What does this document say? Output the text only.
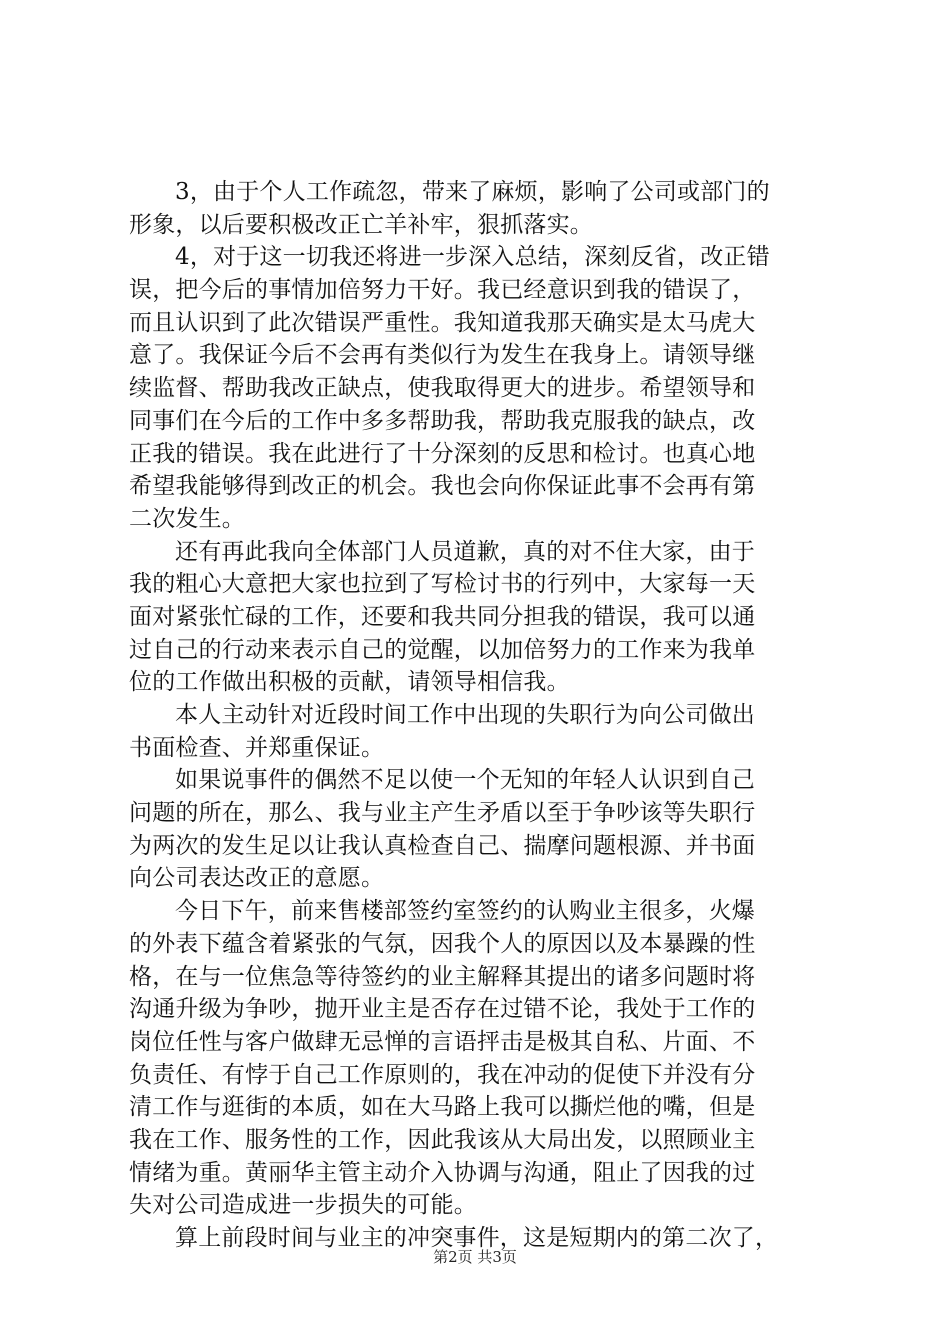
3，由于个人工作疏忽，带来了麻烦，影响了公司或部门的
形象，以后要积极改正亡羊补牢，狠抓落实。
4，对于这一切我还将进一步深入总结，深刻反省，改正错
误，把今后的事情加倍努力干好。我已经意识到我的错误了，
而且认识到了此次错误严重性。我知道我那天确实是太马虎大
意了。我保证今后不会再有类似行为发生在我身上。请领导继
续监督、帮助我改正缺点，使我取得更大的进步。希望领导和
同事们在今后的工作中多多帮助我，帮助我克服我的缺点，改
正我的错误。我在此进行了十分深刻的反思和检讨。也真心地
希望我能够得到改正的机会。我也会向你保证此事不会再有第
二次发生。
还有再此我向全体部门人员道歉，真的对不住大家，由于
我的粗心大意把大家也拉到了写检讨书的行列中，大家每一天
面对紧张忙碌的工作，还要和我共同分担我的错误，我可以通
过自己的行动来表示自己的觉醒，以加倍努力的工作来为我单
位的工作做出积极的贡献，请领导相信我。
本人主动针对近段时间工作中出现的失职行为向公司做出
书面检查、并郑重保证。
如果说事件的偶然不足以使一个无知的年轻人认识到自己
问题的所在，那么、我与业主产生矛盾以至于争吵该等失职行
为两次的发生足以让我认真检查自己、揣摩问题根源、并书面
向公司表达改正的意愿。
今日下午，前来售楼部签约室签约的认购业主很多，火爆
的外表下蕴含着紧张的气氛，因我个人的原因以及本暴躁的性
格，在与一位焦急等待签约的业主解释其提出的诸多问题时将
沟通升级为争吵，抛开业主是否存在过错不论，我处于工作的
岗位任性与客户做肆无忌惮的言语抨击是极其自私、片面、不
负责任、有悖于自己工作原则的，我在冲动的促使下并没有分
清工作与逛街的本质，如在大马路上我可以撕烂他的嘴，但是
我在工作、服务性的工作，因此我该从大局出发，以照顾业主
情绪为重。黄丽华主管主动介入协调与沟通，阻止了因我的过
失对公司造成进一步损失的可能。
算上前段时间与业主的冲突事件，这是短期内的第二次了，
第2页 共3页
